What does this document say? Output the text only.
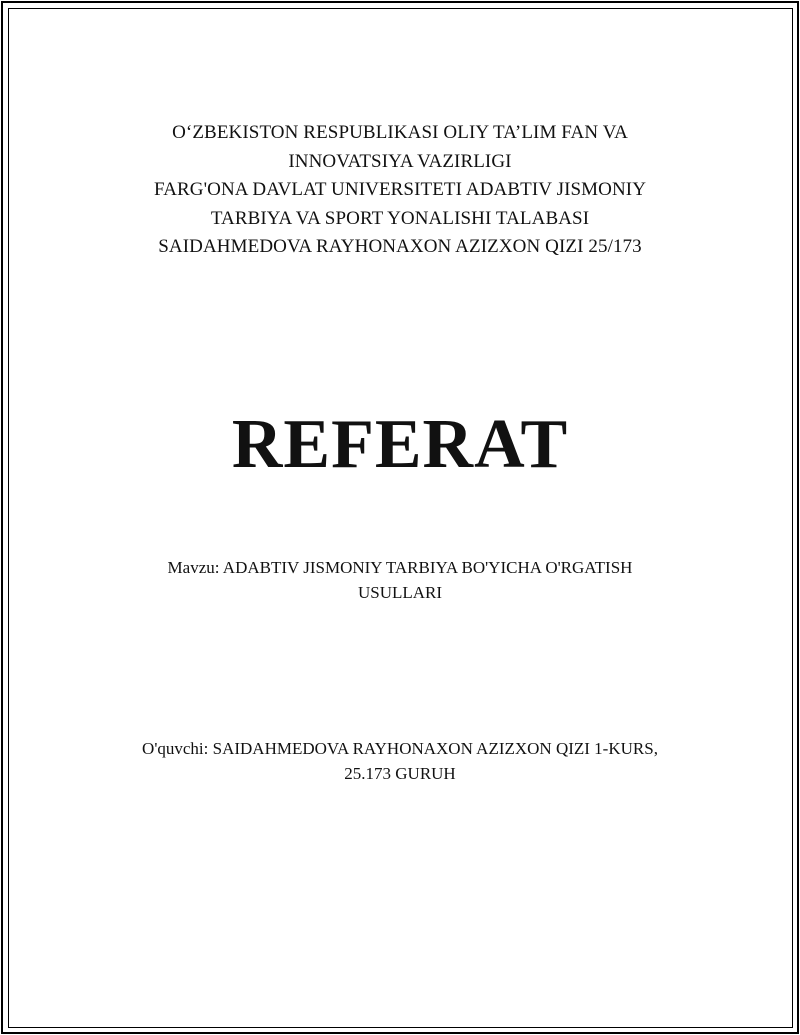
O‘ZBEKISTON RESPUBLIKASI OLIY TA’LIM FAN VA
INNOVATSIYA VAZIRLIGI
FARG'ONA DAVLAT UNIVERSITETI ADABTIV JISMONIY
TARBIYA VA SPORT YONALISHI TALABASI
SAIDAHMEDOVA RAYHONAXON AZIZXON QIZI 25/173
REFERAT
Mavzu: ADABTIV JISMONIY TARBIYA BO'YICHA O'RGATISH
USULLARI
O'quvchi: SAIDAHMEDOVA RAYHONAXON AZIZXON QIZI 1-KURS,
25.173 GURUH
